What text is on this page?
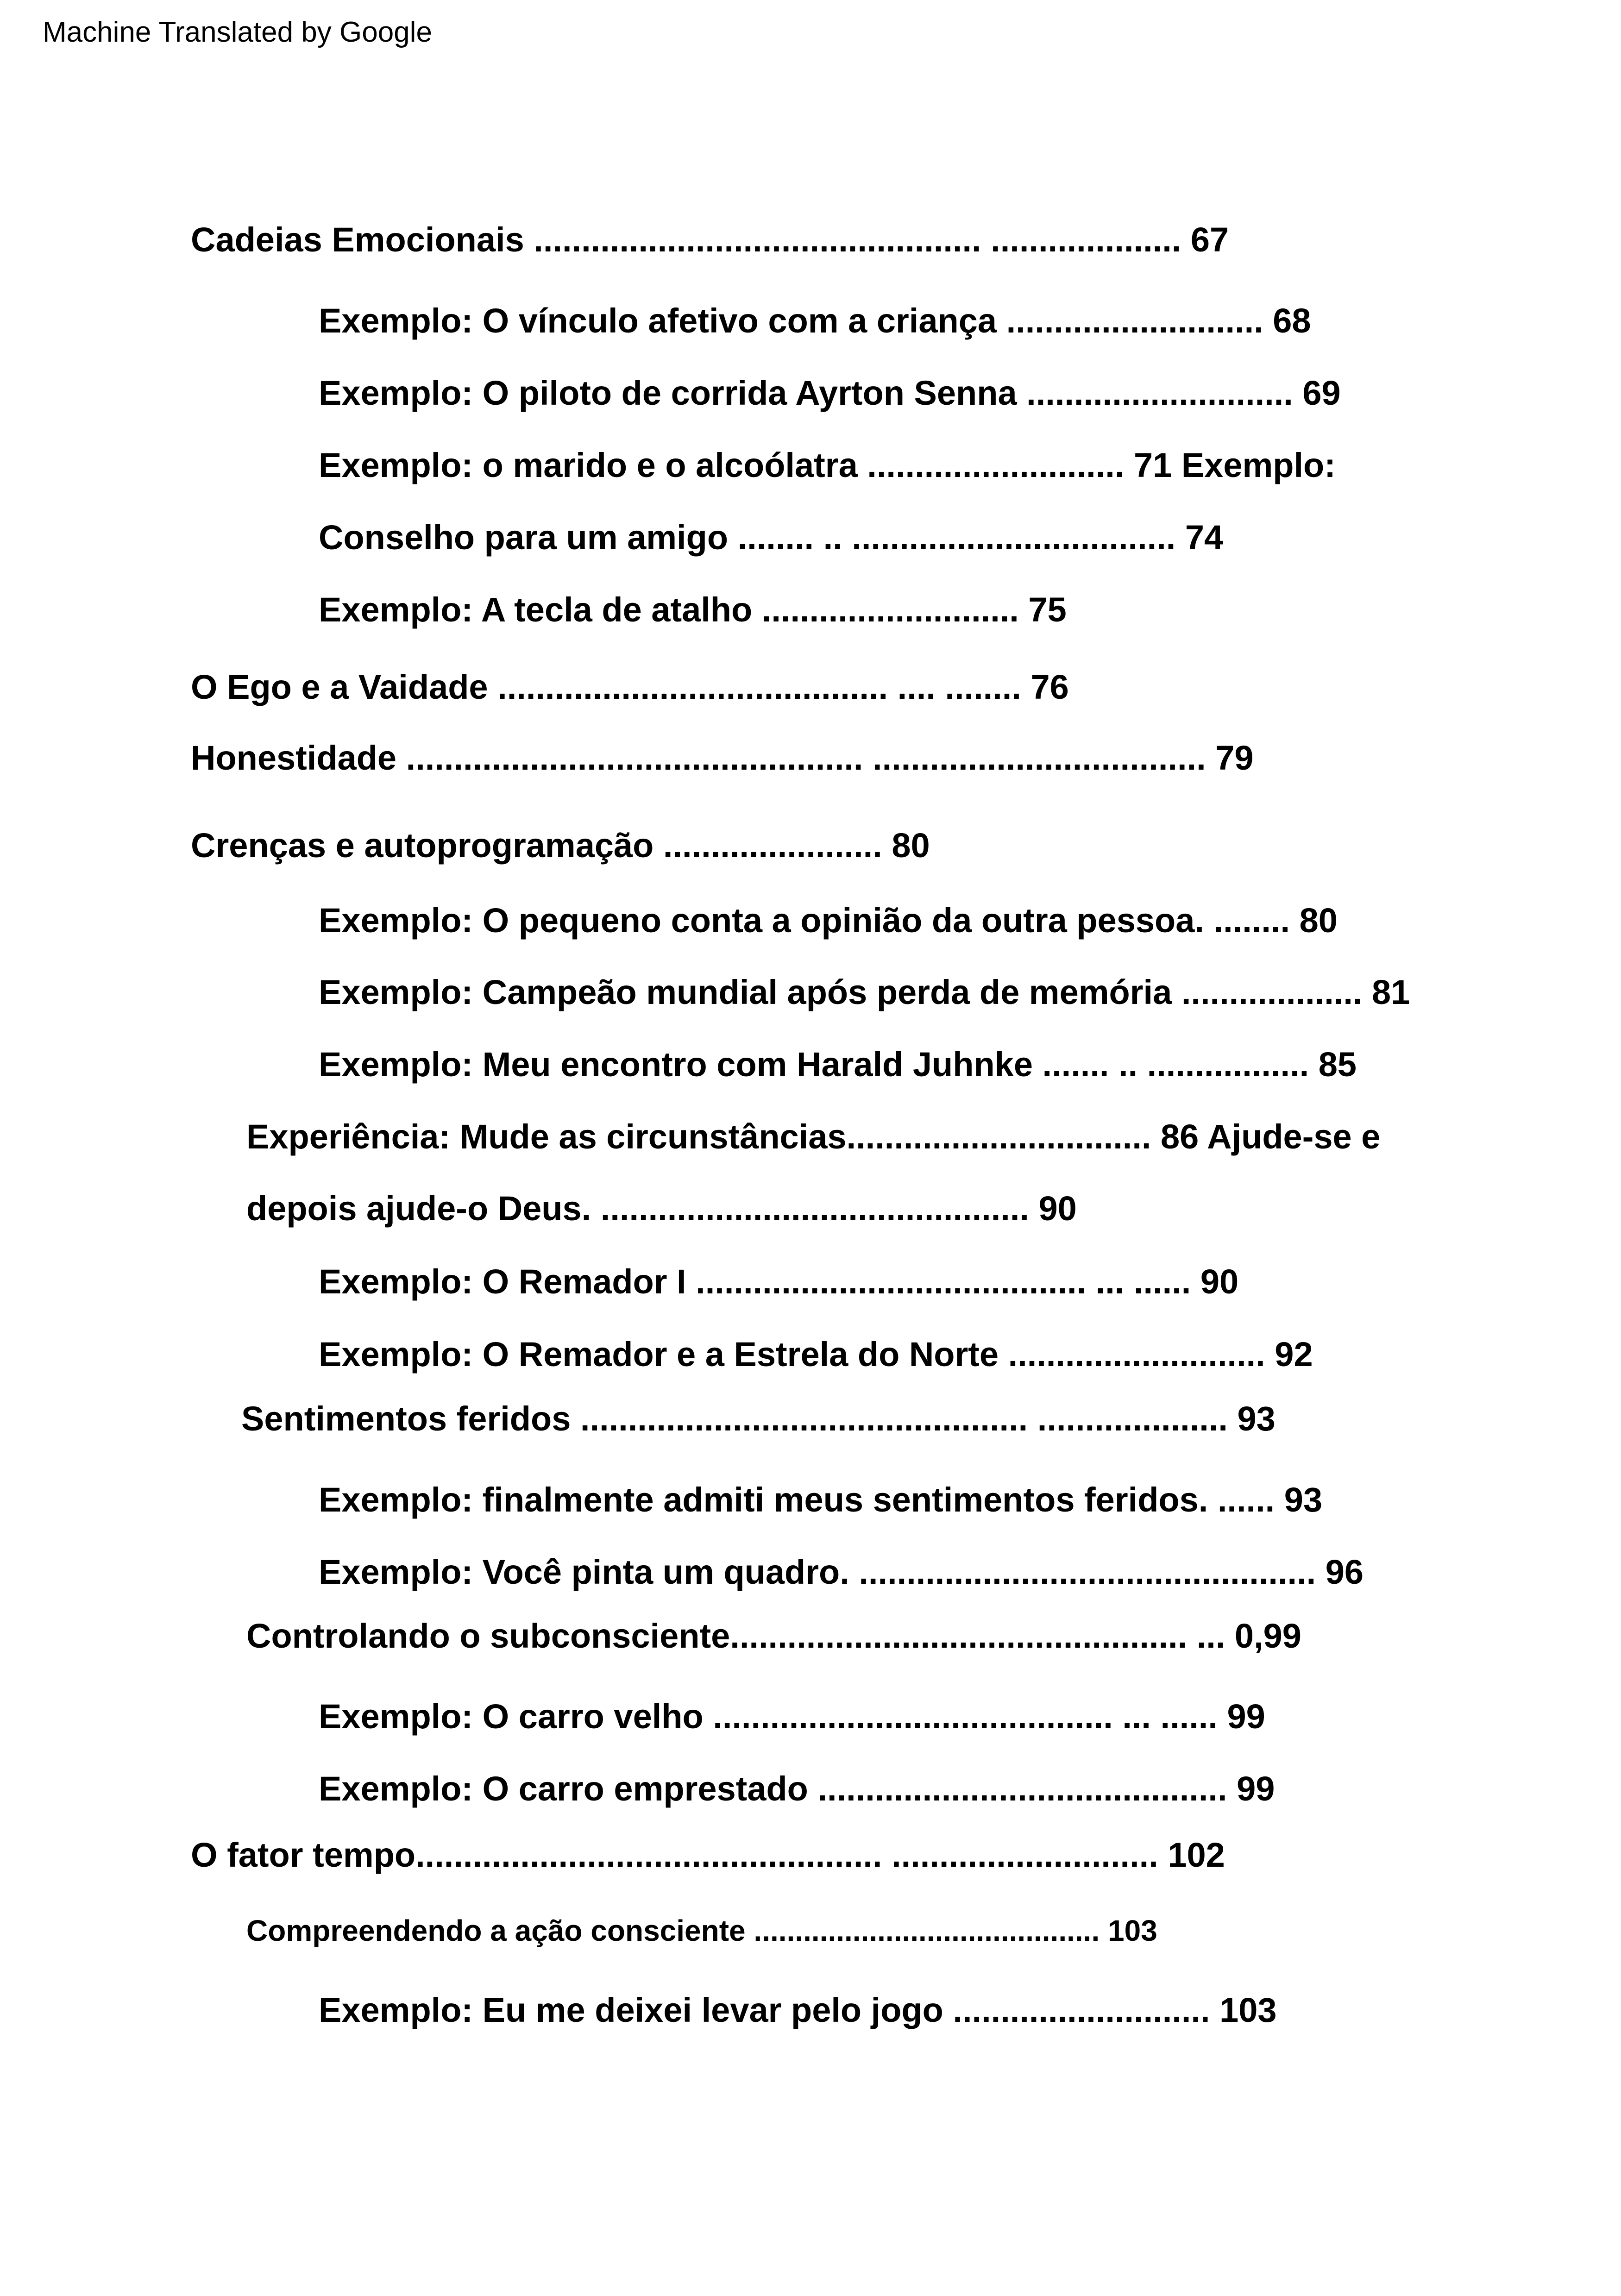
Machine Translated by Google
Cadeias Emocionais ............................................... .................... 67
Exemplo: O vínculo afetivo com a criança ........................... 68
Exemplo: O piloto de corrida Ayrton Senna ............................ 69
Exemplo: o marido e o alcoólatra ........................... 71 Exemplo:
Conselho para um amigo ........ .. .................................. 74
Exemplo: A tecla de atalho ........................... 75
O Ego e a Vaidade ......................................... .... ........ 76
Honestidade ................................................ ................................... 79
Crenças e autoprogramação ....................... 80
Exemplo: O pequeno conta a opinião da outra pessoa. ........ 80
Exemplo: Campeão mundial após perda de memória ................... 81
Exemplo: Meu encontro com Harald Juhnke ....... .. ................. 85
Experiência: Mude as circunstâncias................................ 86 Ajude-se e
depois ajude-o Deus. ............................................. 90
Exemplo: O Remador I ......................................... ... ...... 90
Exemplo: O Remador e a Estrela do Norte ........................... 92
Sentimentos feridos ............................................... .................... 93
Exemplo: finalmente admiti meus sentimentos feridos. ...... 93
Exemplo: Você pinta um quadro. ................................................ 96
Controlando o subconsciente................................................ ... 0,99
Exemplo: O carro velho .......................................... ... ...... 99
Exemplo: O carro emprestado ........................................... 99
O fator tempo................................................. ............................ 102
Compreendendo a ação consciente .......................................... 103
Exemplo: Eu me deixei levar pelo jogo ........................... 103
